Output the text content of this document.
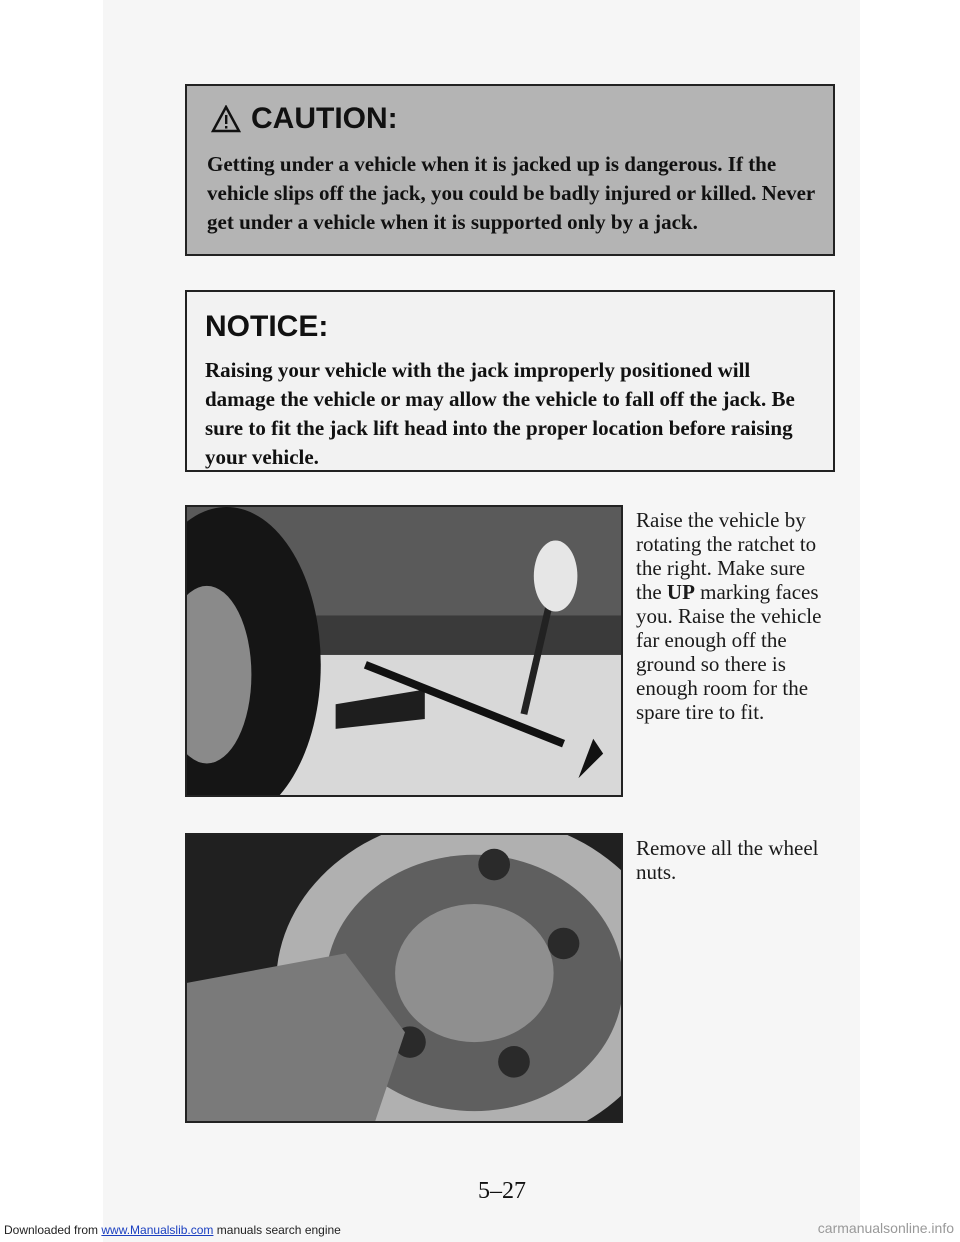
CAUTION:
Getting under a vehicle when it is jacked up is dangerous. If the vehicle slips off the jack, you could be badly injured or killed. Never get under a vehicle when it is supported only by a jack.
NOTICE:
Raising your vehicle with the jack improperly positioned will damage the vehicle or may allow the vehicle to fall off the jack. Be sure to fit the jack lift head into the proper location before raising your vehicle.
Raise the vehicle by rotating the ratchet to the right. Make sure the UP marking faces you. Raise the vehicle far enough off the ground so there is enough room for the spare tire to fit.
Remove all the wheel nuts.
5–27
Downloaded from www.Manualslib.com manuals search engine	carmanualsonline.info
